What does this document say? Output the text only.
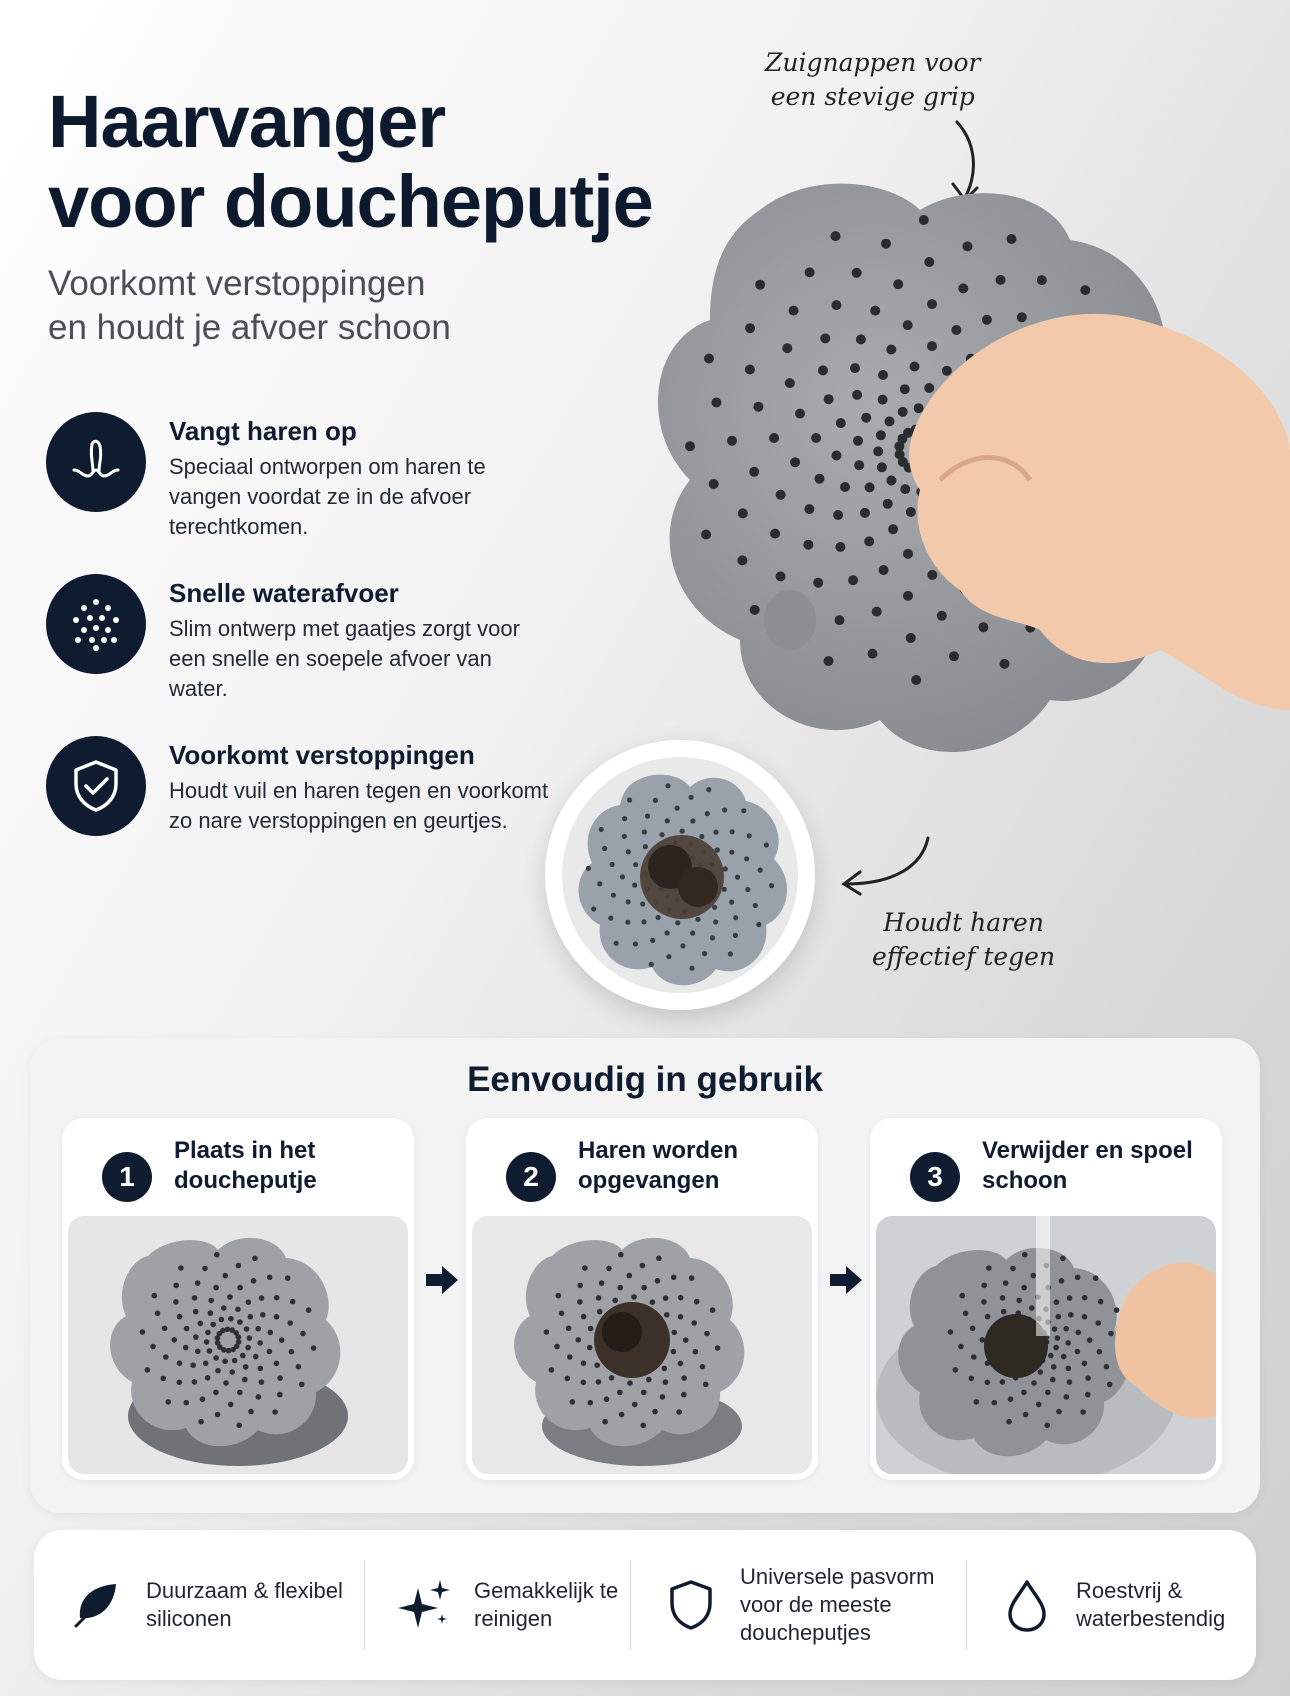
Haarvanger
voor doucheputje

Voorkomt verstoppingen
en houdt je afvoer schoon

Vangt haren op
Speciaal ontworpen om haren te vangen voordat ze in de afvoer terechtkomen.
Snelle waterafvoer
Slim ontwerp met gaatjes zorgt voor een snelle en soepele afvoer van water.
Voorkomt verstoppingen
Houdt vuil en haren tegen en voorkomt zo nare verstoppingen en geurtjes.
Zuignappen voor
een stevige grip
Houdt haren
effectief tegen
Eenvoudig in gebruik
1
Plaats in het doucheputje	2
Haren worden opgevangen	3
Verwijder en spoel schoon
Duurzaam & flexibel siliconen
Gemakkelijk te reinigen
Universele pasvorm voor de meeste doucheputjes
Roestvrij & waterbestendig
